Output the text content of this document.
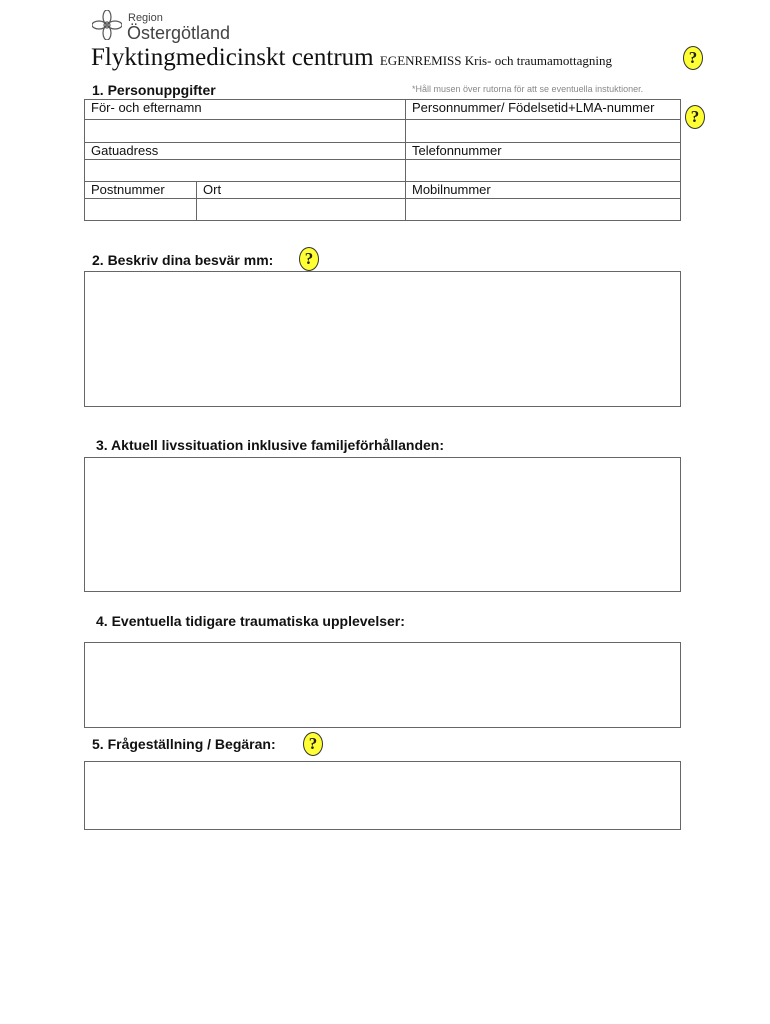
Region
Östergötland
Flyktingmedicinskt centrum EGENREMISS Kris- och traumamottagning	?
1. Personuppgifter	*Håll musen över rutorna för att se eventuella instuktioner.
För- och efternamn	Personnummer/ Födelsetid+LMA-nummer	?
Gatuadress	Telefonnummer
Postnummer	Ort	Mobilnummer
2. Beskriv dina besvär mm:	?
3. Aktuell livssituation inklusive familjeförhållanden:
4. Eventuella tidigare traumatiska upplevelser:
5. Frågeställning / Begäran:	?
